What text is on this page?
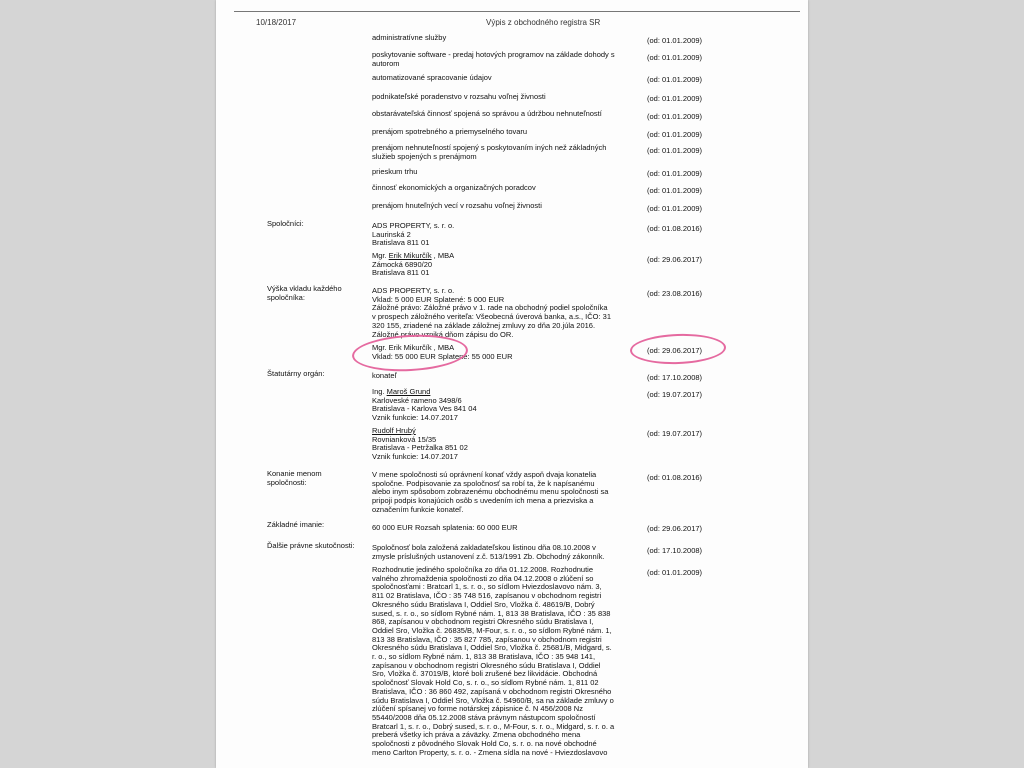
10/18/2017	Výpis z obchodného registra SR
administratívne služby	(od: 01.01.2009)
poskytovanie software - predaj hotových programov na základe dohody s autorom
(od: 01.01.2009)
automatizované spracovanie údajov	(od: 01.01.2009)
podnikateľské poradenstvo v rozsahu voľnej živnosti	(od: 01.01.2009)
obstarávateľská činnosť spojená so správou a údržbou nehnuteľností	(od: 01.01.2009)
prenájom spotrebného a priemyselného tovaru	(od: 01.01.2009)
prenájom nehnuteľností spojený s poskytovaním iných než základných služieb spojených s prenájmom
(od: 01.01.2009)
prieskum trhu	(od: 01.01.2009)
činnosť ekonomických a organizačných poradcov	(od: 01.01.2009)
prenájom hnuteľných vecí v rozsahu voľnej živnosti	(od: 01.01.2009)
Spoločníci:	ADS PROPERTY, s. r. o.
Laurinská 2
Bratislava 811 01
(od: 01.08.2016)
Mgr. Erik Mikurčík , MBA
Zámocká 6890/20
Bratislava 811 01
(od: 29.06.2017)
Výška vkladu každého
spoločníka:
ADS PROPERTY, s. r. o.
Vklad: 5 000 EUR Splatené: 5 000 EUR
Záložné právo: Záložné právo v 1. rade na obchodný podiel spoločníka
v prospech záložného veriteľa: Všeobecná úverová banka, a.s., IČO: 31
320 155, zriadené na základe záložnej zmluvy zo dňa 20.júla 2016.
Záložné právo vzniká dňom zápisu do OR.
(od: 23.08.2016)
Mgr. Erik Mikurčík , MBA
Vklad: 55 000 EUR Splatené: 55 000 EUR
(od: 29.06.2017)
Štatutárny orgán:	konateľ	(od: 17.10.2008)
Ing. Maroš Grund
Karloveské rameno 3498/6
Bratislava - Karlova Ves 841 04
Vznik funkcie: 14.07.2017
(od: 19.07.2017)
Rudolf Hrubý
Rovnianková 15/35
Bratislava - Petržalka 851 02
Vznik funkcie: 14.07.2017
(od: 19.07.2017)
Konanie menom
spoločnosti:
V mene spoločnosti sú oprávnení konať vždy aspoň dvaja konatelia
spoločne. Podpisovanie za spoločnosť sa robí ta, že k napísanému
alebo inym spôsobom zobrazenému obchodnému menu spoločnosti sa
pripoji podpis konajúcich osôb s uvedením ich mena a priezviska a
označením funkcie konateľ.
(od: 01.08.2016)
Základné imanie:	60 000 EUR Rozsah splatenia: 60 000 EUR	(od: 29.06.2017)
Ďalšie právne skutočnosti: Spoločnosť bola založená zakladateľskou listinou dňa 08.10.2008 v
zmysle príslušných ustanovení z.č. 513/1991 Zb. Obchodný zákonník.
(od: 17.10.2008)
Rozhodnutie jediného spoločníka zo dňa 01.12.2008. Rozhodnutie
valného zhromaždenia spoločnosti zo dňa 04.12.2008 o zlúčení so
spoločnosťami : Bratcarl 1, s. r. o., so sídlom Hviezdoslavovo nám. 3,
811 02 Bratislava, IČO : 35 748 516, zapísanou v obchodnom registri
Okresného súdu Bratislava I, Oddiel Sro, Vložka č. 48619/B, Dobrý
sused, s. r. o., so sídlom Rybné nám. 1, 813 38 Bratislava, IČO : 35 838
868, zapísanou v obchodnom registri Okresného súdu Bratislava I,
Oddiel Sro, Vložka č. 26835/B, M-Four, s. r. o., so sídlom Rybné nám. 1,
813 38 Bratislava, IČO : 35 827 785, zapísanou v obchodnom registri
Okresného súdu Bratislava I, Oddiel Sro, Vložka č. 25681/B, Midgard, s.
r. o., so sídlom Rybné nám. 1, 813 38 Bratislava, IČO : 35 948 141,
zapísanou v obchodnom registri Okresného súdu Bratislava I, Oddiel
Sro, Vložka č. 37019/B, ktoré boli zrušené bez likvidácie. Obchodná
spoločnosť Slovak Hold Co, s. r. o., so sídlom Rybné nám. 1, 811 02
Bratislava, IČO : 36 860 492, zapísaná v obchodnom registri Okresného
súdu Bratislava I, Oddiel Sro, Vložka č. 54960/B, sa na základe zmluvy o
zlúčení spísanej vo forme notárskej zápisnice č. N 456/2008 Nz
55440/2008 dňa 05.12.2008 stáva právnym nástupcom spoločností
Bratcarl 1, s. r. o., Dobrý sused, s. r. o., M-Four, s. r. o., Midgard, s. r. o. a
preberá všetky ich práva a záväzky. Zmena obchodného mena
spoločnosti z pôvodného Slovak Hold Co, s. r. o. na nové obchodné
meno Carlton Property, s. r. o. - Zmena sídla na nové - Hviezdoslavovo
(od: 01.01.2009)
